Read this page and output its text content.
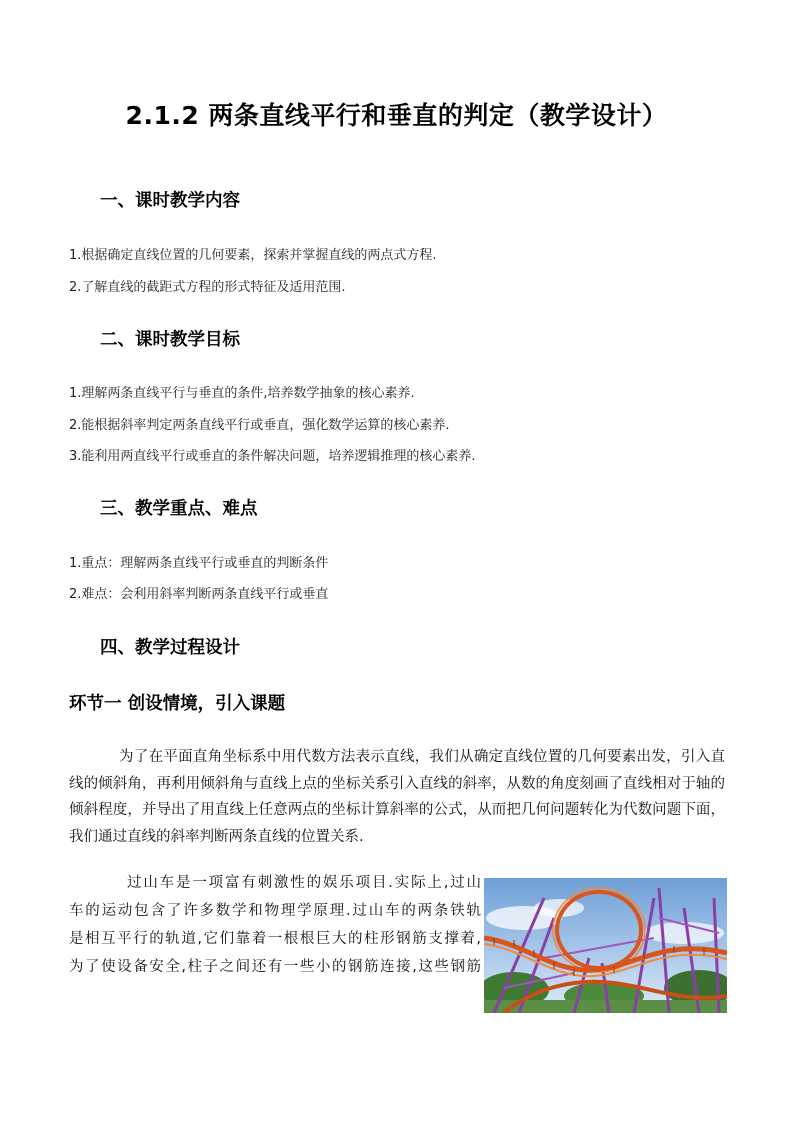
2.1.2 两条直线平行和垂直的判定（教学设计）
一、课时教学内容
1.根据确定直线位置的几何要素，探索并掌握直线的两点式方程.
2.了解直线的截距式方程的形式特征及适用范围.
二、课时教学目标
1.理解两条直线平行与垂直的条件,培养数学抽象的核心素养.
2.能根据斜率判定两条直线平行或垂直，强化数学运算的核心素养.
3.能利用两直线平行或垂直的条件解决问题，培养逻辑推理的核心素养.
三、教学重点、难点
1.重点：理解两条直线平行或垂直的判断条件
2.难点：会利用斜率判断两条直线平行或垂直
四、教学过程设计
环节一 创设情境，引入课题
为了在平面直角坐标系中用代数方法表示直线，我们从确定直线位置的几何要素出发，引入直线的倾斜角，再利用倾斜角与直线上点的坐标关系引入直线的斜率，从数的角度刻画了直线相对于轴的倾斜程度，并导出了用直线上任意两点的坐标计算斜率的公式，从而把几何问题转化为代数问题下面，我们通过直线的斜率判断两条直线的位置关系.
过山车是一项富有刺激性的娱乐项目.实际上,过山
车的运动包含了许多数学和物理学原理.过山车的两条铁轨
是相互平行的轨道,它们靠着一根根巨大的柱形钢筋支撑着,
为了使设备安全,柱子之间还有一些小的钢筋连接,这些钢筋
